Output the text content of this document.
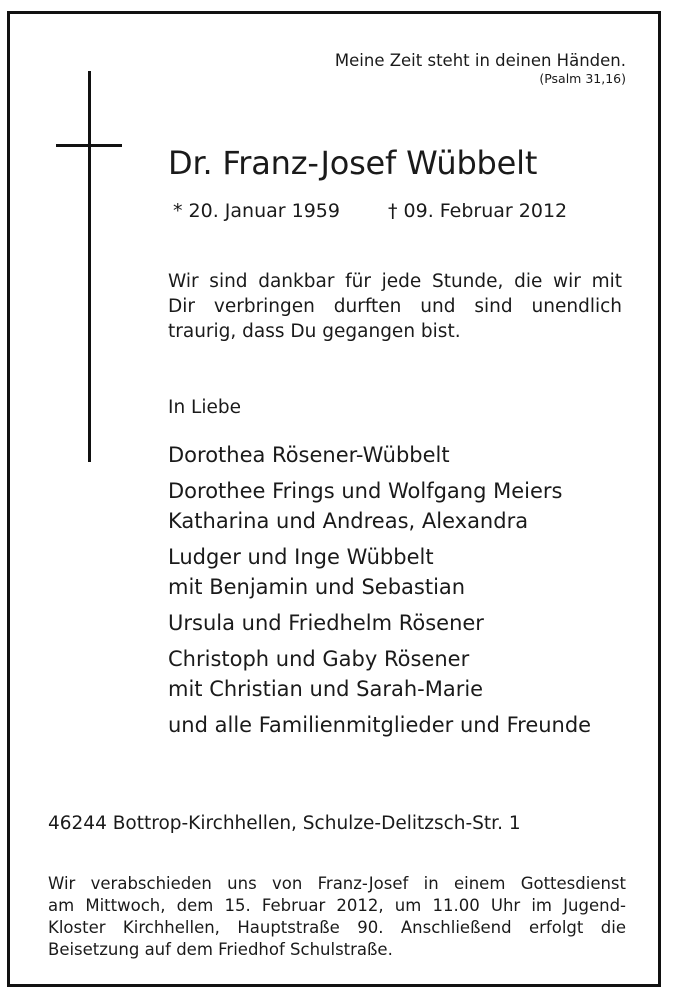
Meine Zeit steht in deinen Händen.
(Psalm 31,16)
Dr. Franz-Josef Wübbelt
* 20. Januar 1959	† 09. Februar 2012
Wir sind dankbar für jede Stunde, die wir mit
Dir verbringen durften und sind unendlich
traurig, dass Du gegangen bist.
In Liebe
Dorothea Rösener-Wübbelt
Dorothee Frings und Wolfgang Meiers
Katharina und Andreas, Alexandra
Ludger und Inge Wübbelt
mit Benjamin und Sebastian
Ursula und Friedhelm Rösener
Christoph und Gaby Rösener
mit Christian und Sarah-Marie
und alle Familienmitglieder und Freunde
46244 Bottrop-Kirchhellen, Schulze-Delitzsch-Str. 1
Wir verabschieden uns von Franz-Josef in einem Gottesdienst
am Mittwoch, dem 15. Februar 2012, um 11.00 Uhr im Jugend-
Kloster Kirchhellen, Hauptstraße 90. Anschließend erfolgt die
Beisetzung auf dem Friedhof Schulstraße.
